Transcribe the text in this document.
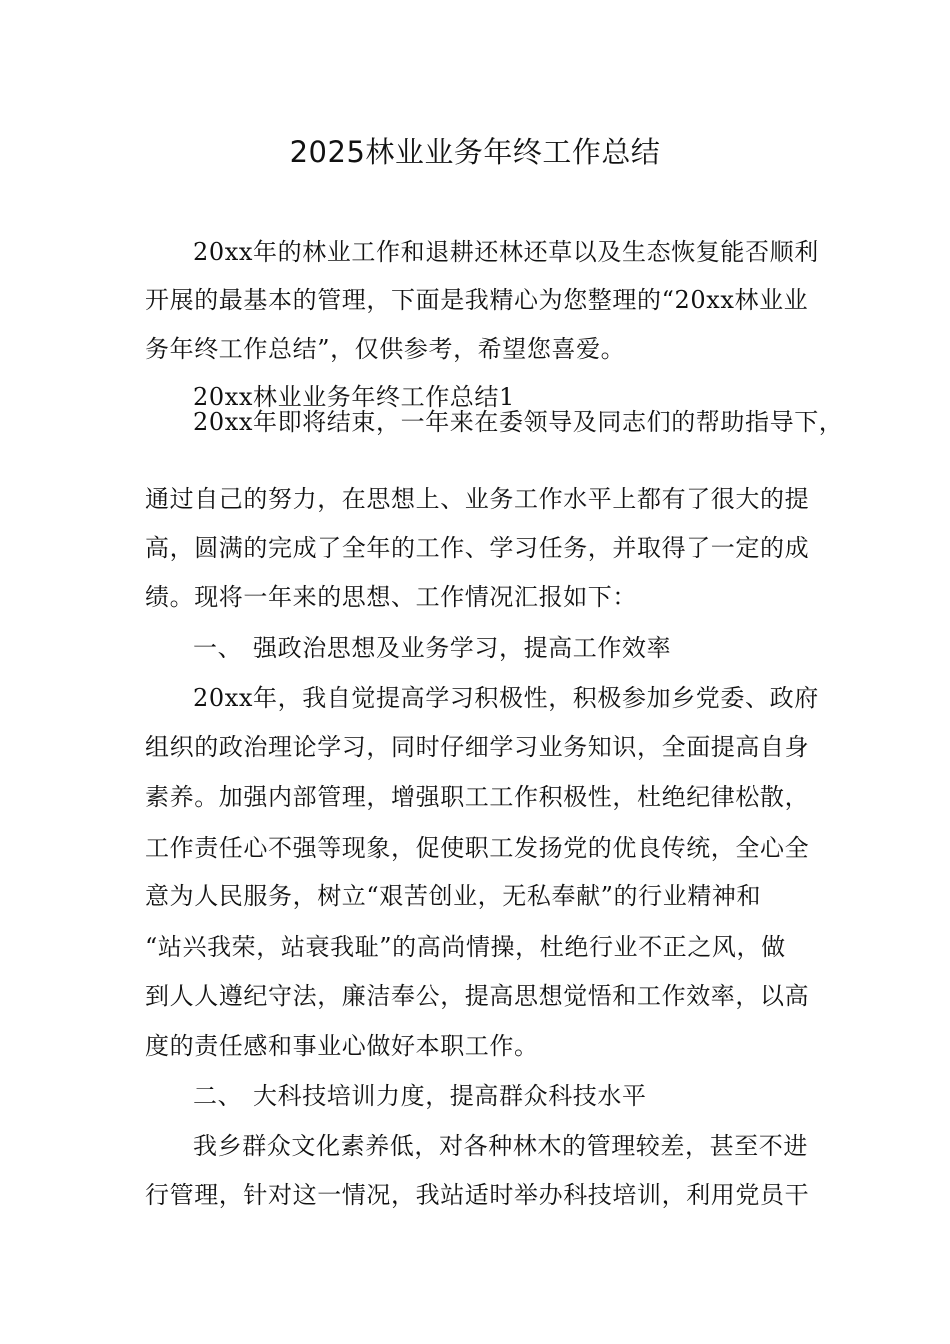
2025林业业务年终工作总结
20xx年的林业工作和退耕还林还草以及生态恢复能否顺利
开展的最基本的管理，下面是我精心为您整理的“20xx林业业
务年终工作总结”，仅供参考，希望您喜爱。
20xx林业业务年终工作总结1
20xx年即将结束，一年来在委领导及同志们的帮助指导下，
通过自己的努力，在思想上、业务工作水平上都有了很大的提
高，圆满的完成了全年的工作、学习任务，并取得了一定的成
绩。现将一年来的思想、工作情况汇报如下：
一、 强政治思想及业务学习，提高工作效率
20xx年，我自觉提高学习积极性，积极参加乡党委、政府
组织的政治理论学习，同时仔细学习业务知识，全面提高自身
素养。加强内部管理，增强职工工作积极性，杜绝纪律松散，
工作责任心不强等现象，促使职工发扬党的优良传统，全心全
意为人民服务，树立“艰苦创业，无私奉献”的行业精神和
“站兴我荣，站衰我耻”的高尚情操，杜绝行业不正之风，做
到人人遵纪守法，廉洁奉公，提高思想觉悟和工作效率，以高
度的责任感和事业心做好本职工作。
二、 大科技培训力度，提高群众科技水平
我乡群众文化素养低，对各种林木的管理较差，甚至不进
行管理，针对这一情况，我站适时举办科技培训，利用党员干
